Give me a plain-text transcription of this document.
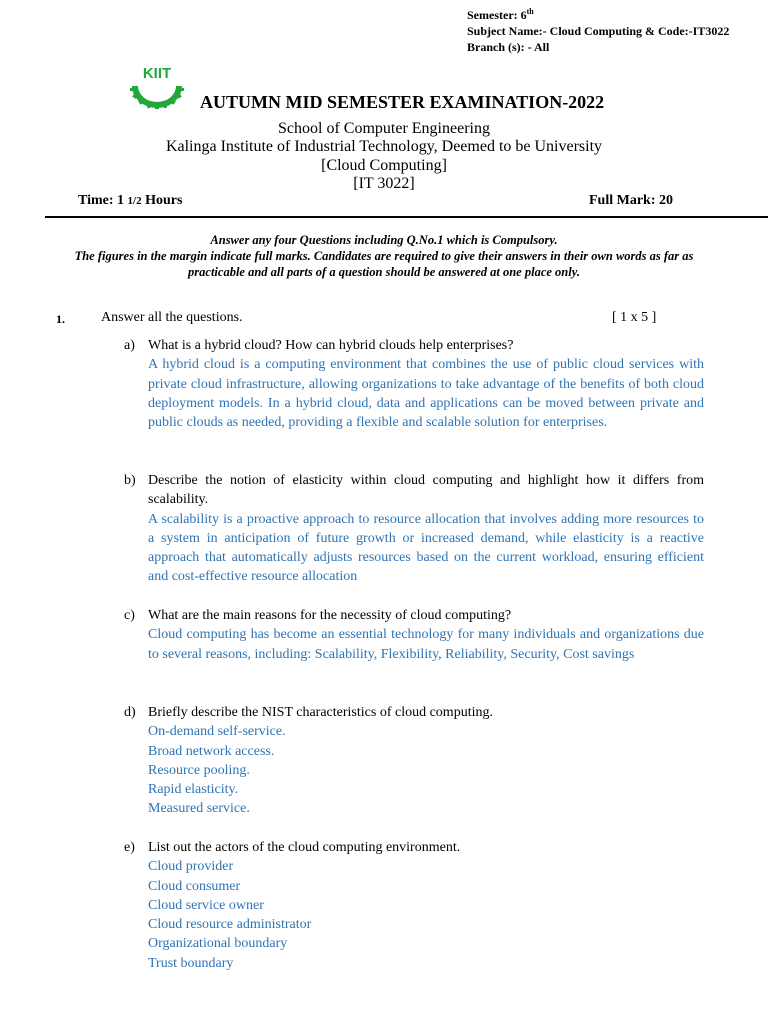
Semester: 6th
Subject Name:- Cloud Computing & Code:-IT3022
Branch (s): - All
KIIT
AUTUMN MID SEMESTER EXAMINATION-2022
School of Computer Engineering
Kalinga Institute of Industrial Technology, Deemed to be University
[Cloud Computing]
[IT 3022]
Time: 1 1/2 Hours	Full Mark: 20
Answer any four Questions including Q.No.1 which is Compulsory.
The figures in the margin indicate full marks. Candidates are required to give their answers in their own words as far as practicable and all parts of a question should be answered at one place only.
1.	Answer all the questions.	[ 1 x 5 ]
a) What is a hybrid cloud? How can hybrid clouds help enterprises?
A hybrid cloud is a computing environment that combines the use of public cloud services with private cloud infrastructure, allowing organizations to take advantage of the benefits of both cloud deployment models. In a hybrid cloud, data and applications can be moved between private and public clouds as needed, providing a flexible and scalable solution for enterprises.
b) Describe the notion of elasticity within cloud computing and highlight how it differs from scalability.
A scalability is a proactive approach to resource allocation that involves adding more resources to a system in anticipation of future growth or increased demand, while elasticity is a reactive approach that automatically adjusts resources based on the current workload, ensuring efficient and cost-effective resource allocation
c) What are the main reasons for the necessity of cloud computing?
Cloud computing has become an essential technology for many individuals and organizations due to several reasons, including: Scalability, Flexibility, Reliability, Security, Cost savings
d) Briefly describe the NIST characteristics of cloud computing.
On-demand self-service.
Broad network access.
Resource pooling.
Rapid elasticity.
Measured service.
e) List out the actors of the cloud computing environment.
Cloud provider
Cloud consumer
Cloud service owner
Cloud resource administrator
Organizational boundary
Trust boundary
